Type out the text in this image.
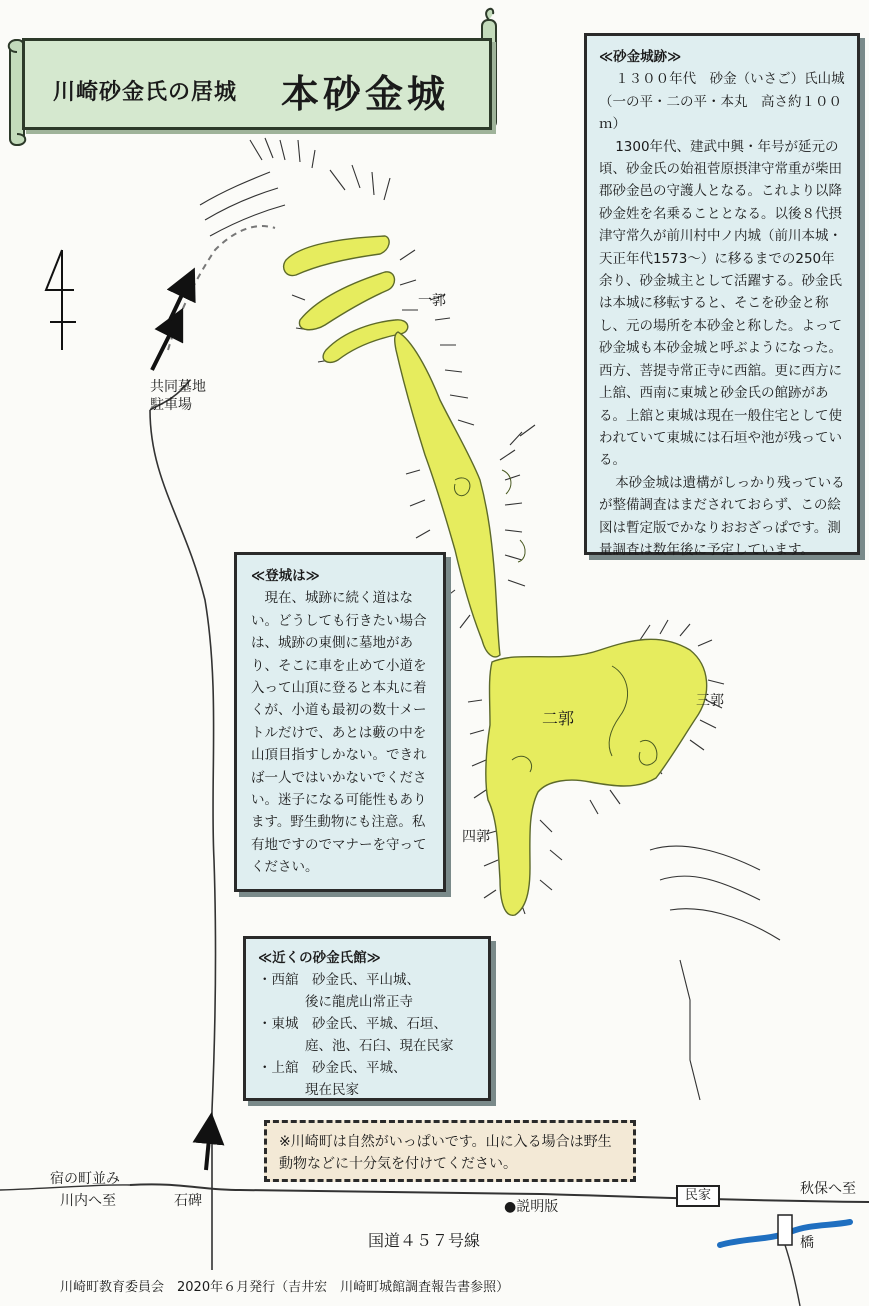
川崎砂金氏の居城 本砂金城

≪砂金城跡≫

１３００年代　砂金（いさご）氏山城（一の平・二の平・本丸　高さ約１００ｍ）

1300年代、建武中興・年号が延元の頃、砂金氏の始祖菅原摂津守常重が柴田郡砂金邑の守護人となる。これより以降砂金姓を名乗ることとなる。以後８代摂津守常久が前川村中ノ内城（前川本城・天正年代1573～）に移るまでの250年余り、砂金城主として活躍する。砂金氏は本城に移転すると、そこを砂金と称し、元の場所を本砂金と称した。よって砂金城も本砂金城と呼ぶようになった。西方、菩提寺常正寺に西舘。更に西方に上舘、西南に東城と砂金氏の館跡がある。上舘と東城は現在一般住宅として使われていて東城には石垣や池が残っている。

本砂金城は遺構がしっかり残っているが整備調査はまだされておらず、この絵図は暫定版でかなりおおざっぱです。測量調査は数年後に予定しています。

≪登城は≫

現在、城跡に続く道はない。どうしても行きたい場合は、城跡の東側に墓地があり、そこに車を止めて小道を入って山頂に登ると本丸に着くが、小道も最初の数十メートルだけで、あとは藪の中を山頂目指すしかない。できれば一人ではいかないでください。迷子になる可能性もあります。野生動物にも注意。私有地ですのでマナーを守ってください。

≪近くの砂金氏館≫

・西舘　砂金氏、平山城、
後に龍虎山常正寺
・東城　砂金氏、平城、石垣、
庭、池、石臼、現在民家
・上舘　砂金氏、平城、
現在民家
※川崎町は自然がいっぱいです。山に入る場合は野生動物などに十分気を付けてください。
一郭
二郭
三郭
四郭
共同墓地
駐車場
宿の町並み
川内へ至	石碑	●説明版
民家	秋保へ至
国道４５７号線	橋
川崎町教育委員会　2020年６月発行（吉井宏　川崎町城館調査報告書参照）
